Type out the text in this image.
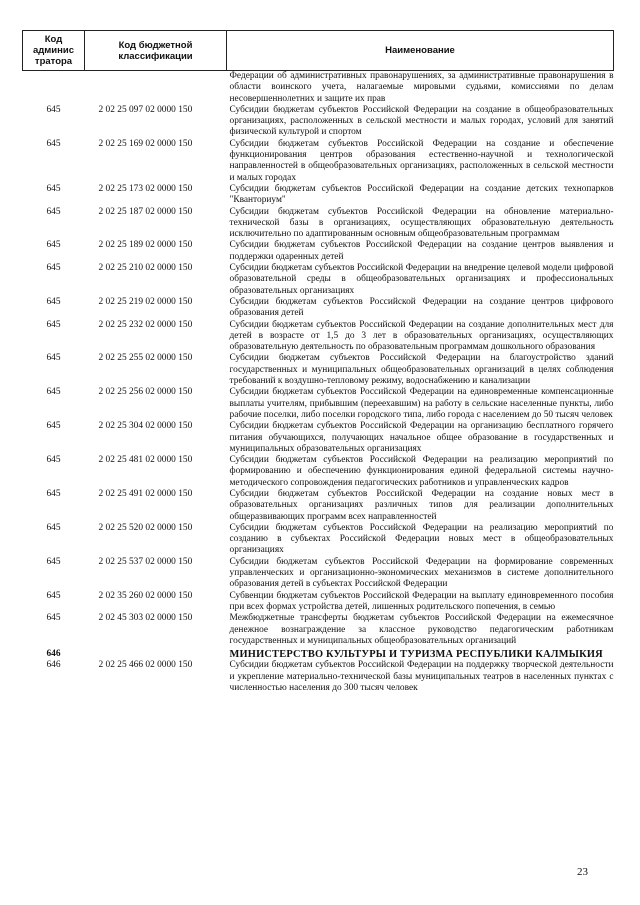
Код админис тратора	Код бюджетной классификации	Наименование
		Федерации об административных правонарушениях, за административные правонарушения в области воинского учета, налагаемые мировыми судьями, комиссиями по делам несовершеннолетних и защите их прав
645	2 02 25 097 02 0000 150	Субсидии бюджетам субъектов Российской Федерации на создание в общеобразовательных организациях, расположенных в сельской местности и малых городах, условий для занятий физической культурой и спортом
645	2 02 25 169 02 0000 150	Субсидии бюджетам субъектов Российской Федерации на создание и обеспечение функционирования центров образования естественно-научной и технологической направленностей в общеобразовательных организациях, расположенных в сельской местности и малых городах
645	2 02 25 173 02 0000 150	Субсидии бюджетам субъектов Российской Федерации на создание детских технопарков "Кванториум"
645	2 02 25 187 02 0000 150	Субсидии бюджетам субъектов Российской Федерации на обновление материально-технической базы в организациях, осуществляющих образовательную деятельность исключительно по адаптированным основным общеобразовательным программам
645	2 02 25 189 02 0000 150	Субсидии бюджетам субъектов Российской Федерации на создание центров выявления и поддержки одаренных детей
645	2 02 25 210 02 0000 150	Субсидии бюджетам субъектов Российской Федерации на внедрение целевой модели цифровой образовательной среды в общеобразовательных организациях и профессиональных образовательных организациях
645	2 02 25 219 02 0000 150	Субсидии бюджетам субъектов Российской Федерации на создание центров цифрового образования детей
645	2 02 25 232 02 0000 150	Субсидии бюджетам субъектов Российской Федерации на создание дополнительных мест для детей в возрасте от 1,5 до 3 лет в образовательных организациях, осуществляющих образовательную деятельность по образовательным программам дошкольного образования
645	2 02 25 255 02 0000 150	Субсидии бюджетам субъектов Российской Федерации на благоустройство зданий государственных и муниципальных общеобразовательных организаций в целях соблюдения требований к воздушно-тепловому режиму, водоснабжению и канализации
645	2 02 25 256 02 0000 150	Субсидии бюджетам субъектов Российской Федерации на единовременные компенсационные выплаты учителям, прибывшим (переехавшим) на работу в сельские населенные пункты, либо рабочие поселки, либо поселки городского типа, либо города с населением до 50 тысяч человек
645	2 02 25 304 02 0000 150	Субсидии бюджетам субъектов Российской Федерации на организацию бесплатного горячего питания обучающихся, получающих начальное общее образование в государственных и муниципальных образовательных организациях
645	2 02 25 481 02 0000 150	Субсидии бюджетам субъектов Российской Федерации на реализацию мероприятий по формированию и обеспечению функционирования единой федеральной системы научно-методического сопровождения педагогических работников и управленческих кадров
645	2 02 25 491 02 0000 150	Субсидии бюджетам субъектов Российской Федерации на создание новых мест в образовательных организациях различных типов для реализации дополнительных общеразвивающих программ всех направленностей
645	2 02 25 520 02 0000 150	Субсидии бюджетам субъектов Российской Федерации на реализацию мероприятий по созданию в субъектах Российской Федерации новых мест в общеобразовательных организациях
645	2 02 25 537 02 0000 150	Субсидии бюджетам субъектов Российской Федерации на формирование современных управленческих и организационно-экономических механизмов в системе дополнительного образования детей в субъектах Российской Федерации
645	2 02 35 260 02 0000 150	Субвенции бюджетам субъектов Российской Федерации на выплату единовременного пособия при всех формах устройства детей, лишенных родительского попечения, в семью
645	2 02 45 303 02 0000 150	Межбюджетные трансферты бюджетам субъектов Российской Федерации на ежемесячное денежное вознаграждение за классное руководство педагогическим работникам государственных и муниципальных общеобразовательных организаций
646		МИНИСТЕРСТВО КУЛЬТУРЫ И ТУРИЗМА РЕСПУБЛИКИ КАЛМЫКИЯ
646	2 02 25 466 02 0000 150	Субсидии бюджетам субъектов Российской Федерации на поддержку творческой деятельности и укрепление материально-технической базы муниципальных театров в населенных пунктах с численностью населения до 300 тысяч человек
23
